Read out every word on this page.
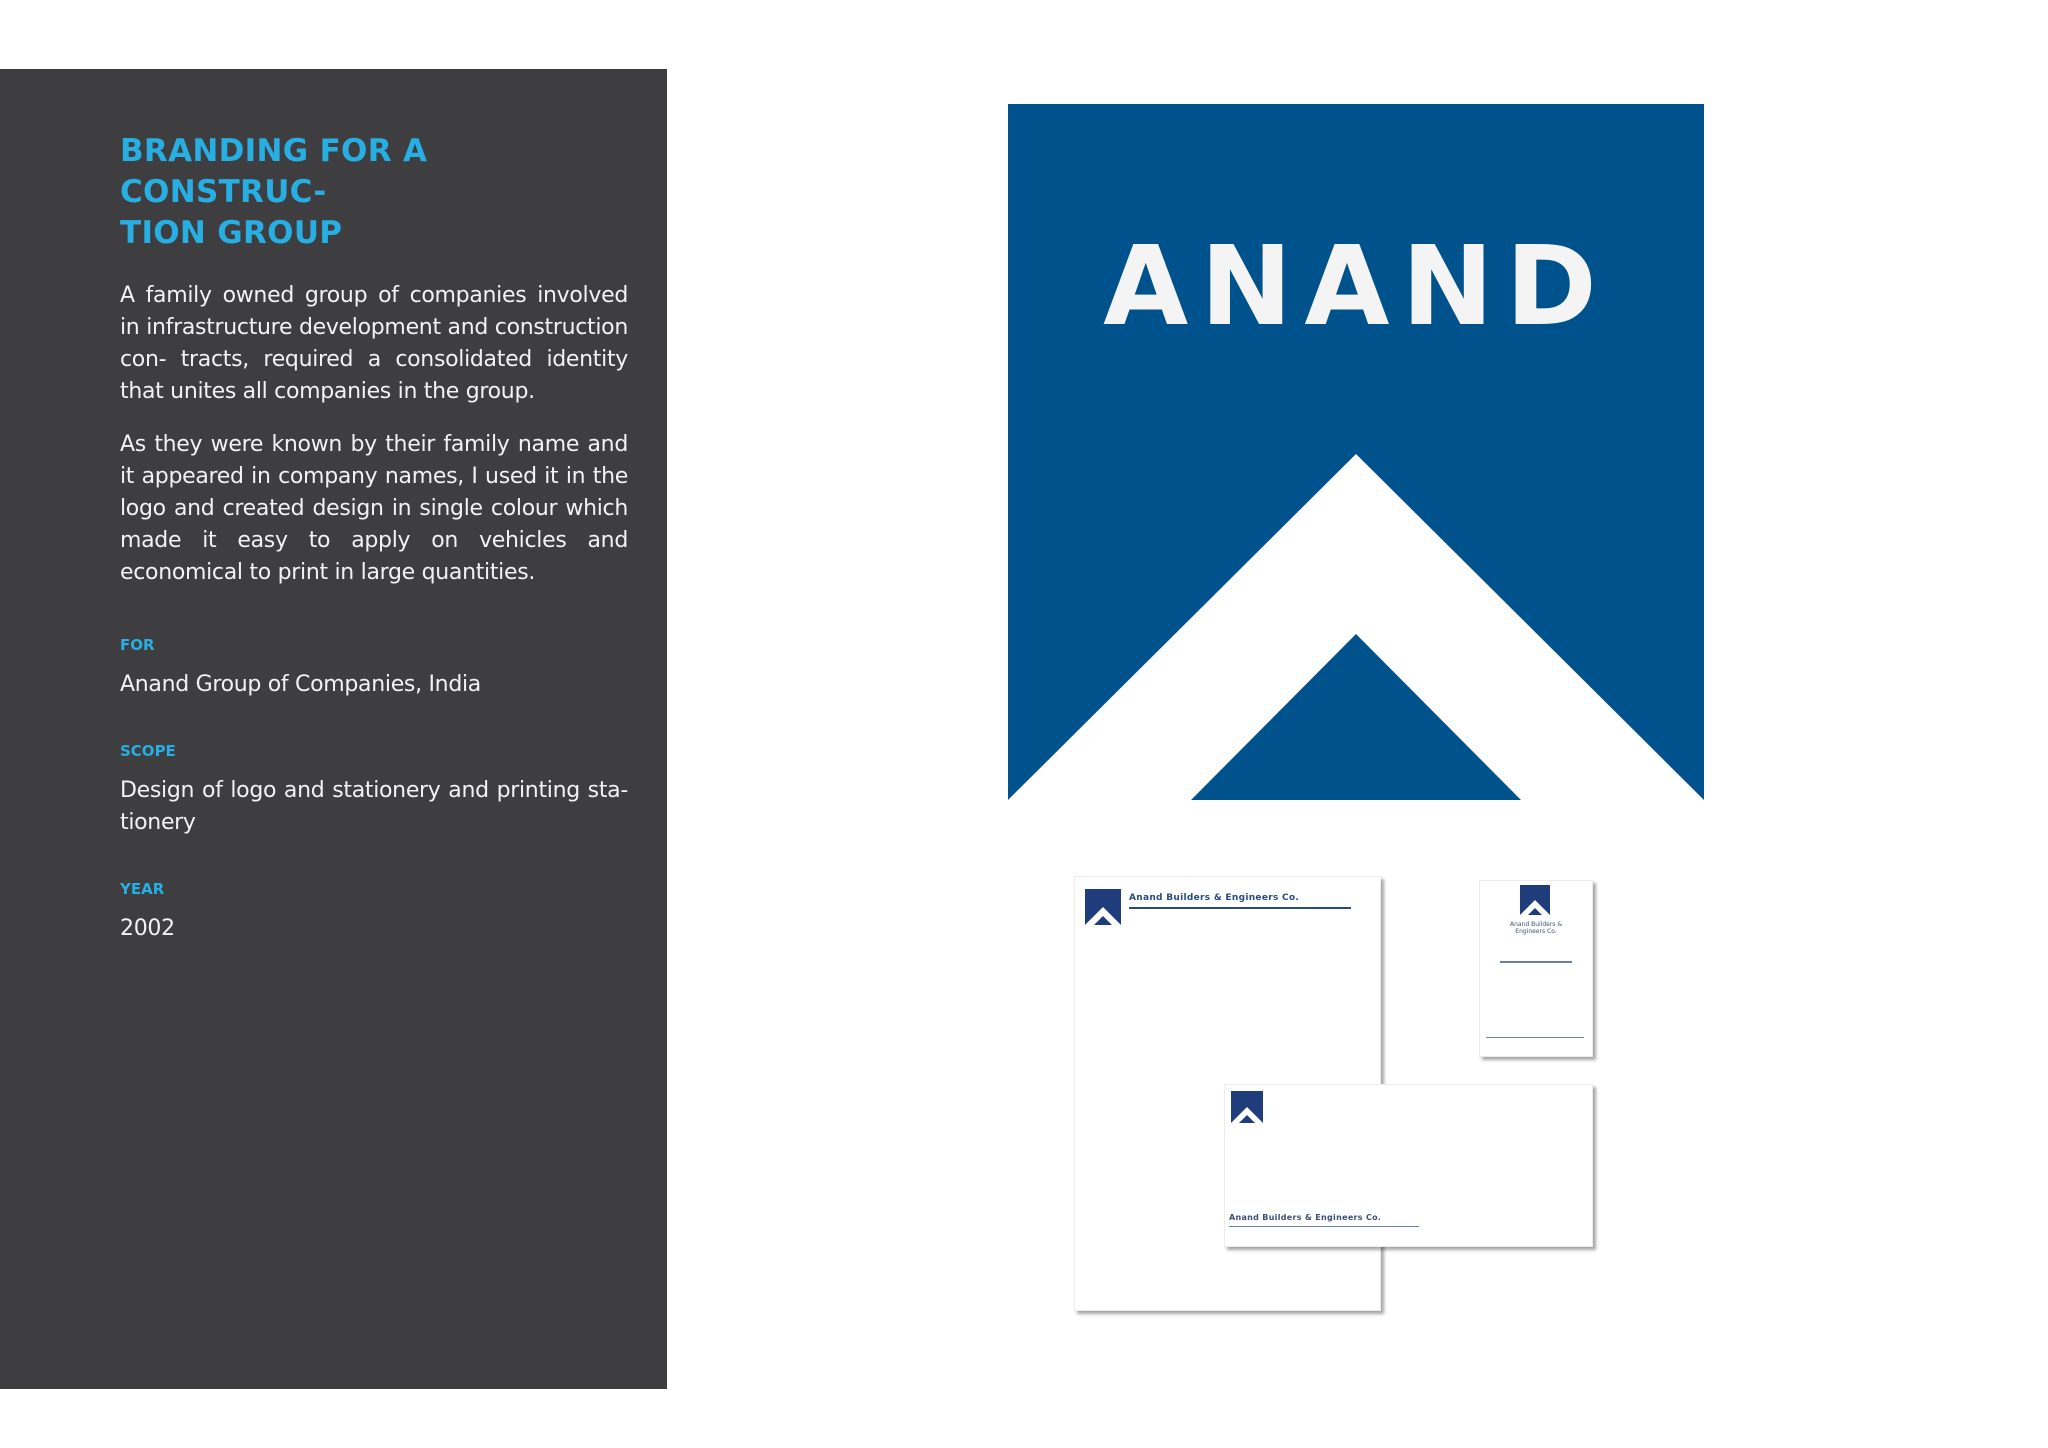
BRANDING FOR A CONSTRUC-
TION GROUP

A family owned group of companies involved in infrastructure development and construction con- tracts, required a consolidated identity that unites all companies in the group.

As they were known by their family name and it appeared in company names, I used it in the logo and created design in single colour which made it easy to apply on vehicles and economical to print in large quantities.

FOR

Anand Group of Companies, India

SCOPE

Design of logo and stationery and printing sta- tionery

YEAR

2002

ANAND
Anand Builders & Engineers Co.
Anand Builders & Engineers Co.
Anand Builders & Engineers Co.
